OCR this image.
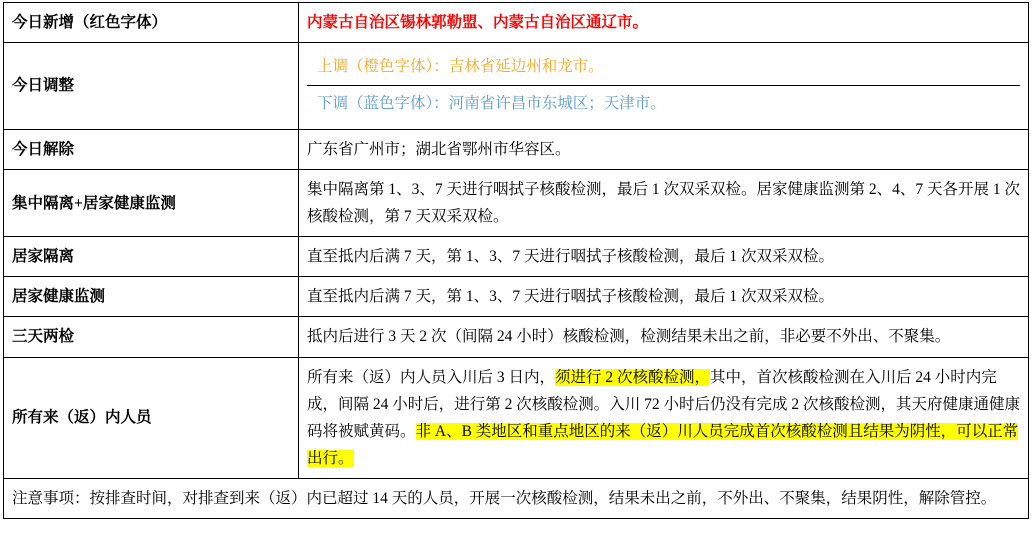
今日新增（红色字体）	内蒙古自治区锡林郭勒盟、内蒙古自治区通辽市。
今日调整	上调（橙色字体）：吉林省延边州和龙市。
下调（蓝色字体）：河南省许昌市东城区；天津市。

今日解除	广东省广州市；湖北省鄂州市华容区。
集中隔离+居家健康监测	集中隔离第 1、3、7 天进行咽拭子核酸检测，最后 1 次双采双检。居家健康监测第 2、4、7 天各开展 1 次核酸检测，第 7 天双采双检。
居家隔离	直至抵内后满 7 天，第 1、3、7 天进行咽拭子核酸检测，最后 1 次双采双检。
居家健康监测	直至抵内后满 7 天，第 1、3、7 天进行咽拭子核酸检测，最后 1 次双采双检。
三天两检	抵内后进行 3 天 2 次（间隔 24 小时）核酸检测，检测结果未出之前，非必要不外出、不聚集。
所有来（返）内人员	所有来（返）内人员入川后 3 日内，须进行 2 次核酸检测，其中，首次核酸检测在入川后 24 小时内完成，间隔 24 小时后，进行第 2 次核酸检测。入川 72 小时后仍没有完成 2 次核酸检测，其天府健康通健康码将被赋黄码。非 A、B 类地区和重点地区的来（返）川人员完成首次核酸检测且结果为阴性，可以正常出行。

注意事项：按排查时间，对排查到来（返）内已超过 14 天的人员，开展一次核酸检测，结果未出之前，不外出、不聚集，结果阴性，解除管控。	
